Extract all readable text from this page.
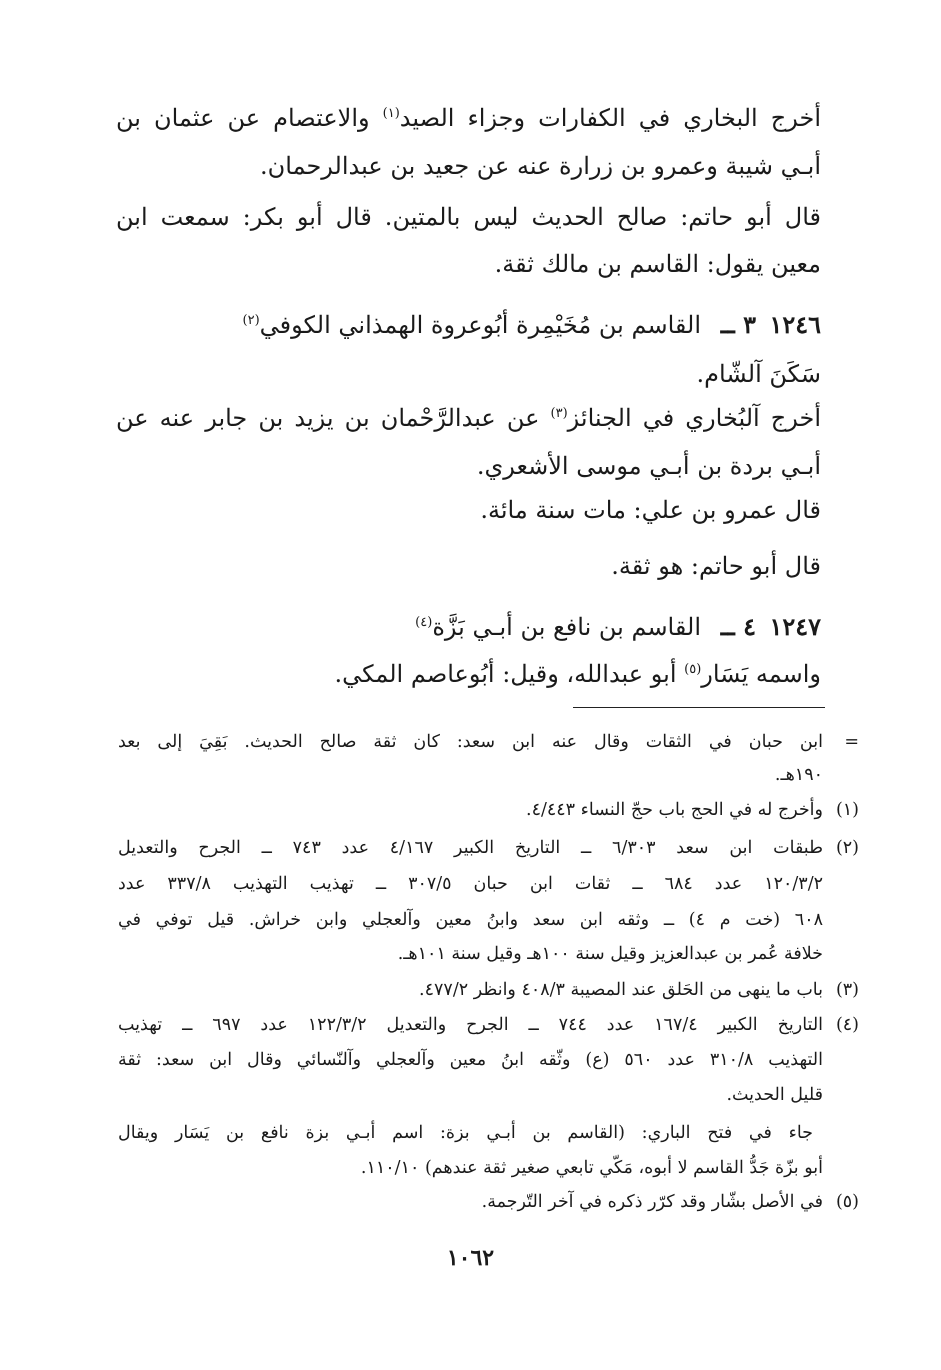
أخرج البخاري في الكفارات وجزاء الصيد$^{(١)}$ والاعتصام عن عثمان بن

أبـي شيبة وعمرو بن زرارة عنه عن جعيد بن عبدالرحمان.

قال أبو حاتم: صالح الحديث ليس بالمتين. قال أبو بكر: سمعت ابن

معين يقول: القاسم بن مالك ثقة.

١٢٤٦
٣ ــ
القاسم بن مُخَيْمِرة أبُوعروة الهمذاني الكوفي$^{(٢)}$

سَكَنَ آلشّام.

أخرج آلبُخاري في الجنائز$^{(٣)}$ عن عبدالرَّحْمان بن يزيد بن جابر عنه عن

أبـي بردة بن أبـي موسى الأشعري.

قال عمرو بن علي: مات سنة مائة.

قال أبو حاتم: هو ثقة.

١٢٤٧
٤ ــ
القاسم بن نافع بن أبـي بَزَّة$^{(٤)}$

واسمه يَسَار$^{(٥)}$ أبو عبدالله، وقيل: أبُوعاصم المكي.

=
ابن حبان في الثقات وقال عنه ابن سعد: كان ثقة صالح الحديث. بَقِيَ إلى بعد
١٩٠هـ.
(١)
وأخرج له في الحج باب حجّ النساء ٤/٤٤٣.
(٢)
طبقات ابن سعد ٦/٣٠٣ ــ التاريخ الكبير ٤/١٦٧ عدد ٧٤٣ ــ الجرح والتعديل
١٢٠/٣/٢ عدد ٦٨٤ ــ ثقات ابن حبان ٣٠٧/٥ ــ تهذيب التهذيب ٣٣٧/٨ عدد
٦٠٨ (خت م ٤) ــ وثقه ابن سعد وابنُ معين وآلعجلي وابن خراش. قيل توفي في
خلافة عُمر بن عبدالعزيز وقيل سنة ١٠٠هـ وقيل سنة ١٠١هـ.
(٣)
باب ما ينهى من الحَلق عند المصيبة ٤٠٨/٣ وانظر ٤٧٧/٢.
(٤)
التاريخ الكبير ١٦٧/٤ عدد ٧٤٤ ــ الجرح والتعديل ١٢٢/٣/٢ عدد ٦٩٧ ــ تهذيب
التهذيب ٣١٠/٨ عدد ٥٦٠ (ع) وثّقه ابنُ معين وآلعجلي وآلنّسائي وقال ابن سعد: ثقة
قليل الحديث.
جاء في فتح الباري: (القاسم بن أبـي بزة: اسم أبـي بزة نافع بن يَسَار ويقال
أبو بزّة جَدُّ القاسم لا أبوه، مَكّي تابعي صغير ثقة عندهم) ١١٠/١٠.
(٥)
في الأصل بشّار وقد كرّر ذكره في آخر التّرجمة.
١٠٦٢
